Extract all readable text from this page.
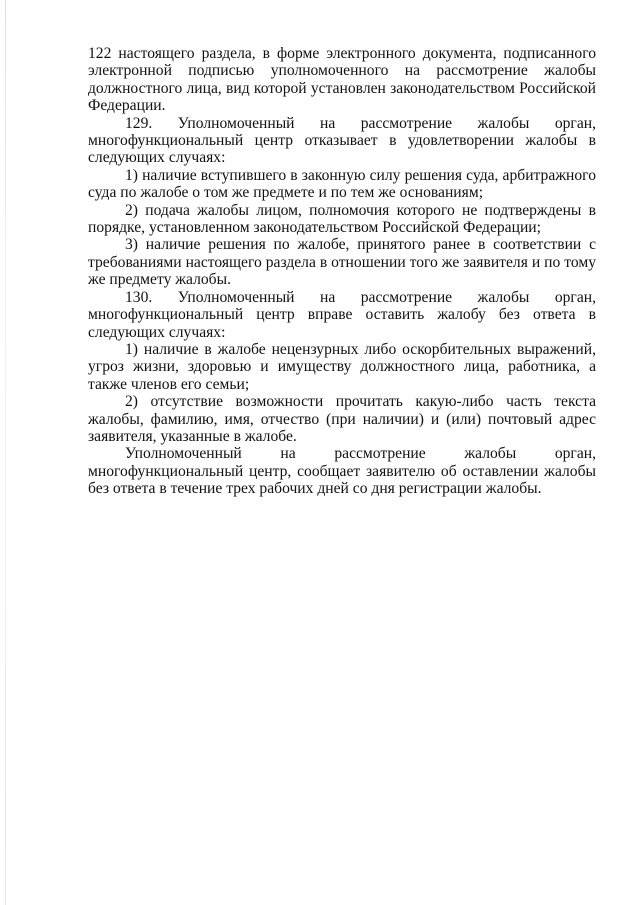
122 настоящего раздела, в форме электронного документа, подписанного электронной подписью уполномоченного на рассмотрение жалобы должностного лица, вид которой установлен законодательством Российской Федерации.

129. Уполномоченный на рассмотрение жалобы орган, многофункциональный центр отказывает в удовлетворении жалобы в следующих случаях:

1) наличие вступившего в законную силу решения суда, арбитражного суда по жалобе о том же предмете и по тем же основаниям;

2) подача жалобы лицом, полномочия которого не подтверждены в порядке, установленном законодательством Российской Федерации;

3) наличие решения по жалобе, принятого ранее в соответствии с требованиями настоящего раздела в отношении того же заявителя и по тому же предмету жалобы.

130. Уполномоченный на рассмотрение жалобы орган, многофункциональный центр вправе оставить жалобу без ответа в следующих случаях:

1) наличие в жалобе нецензурных либо оскорбительных выражений, угроз жизни, здоровью и имуществу должностного лица, работника, а также членов его семьи;

2) отсутствие возможности прочитать какую-либо часть текста жалобы, фамилию, имя, отчество (при наличии) и (или) почтовый адрес заявителя, указанные в жалобе.

Уполномоченный на рассмотрение жалобы орган, многофункциональный центр, сообщает заявителю об оставлении жалобы без ответа в течение трех рабочих дней со дня регистрации жалобы.
